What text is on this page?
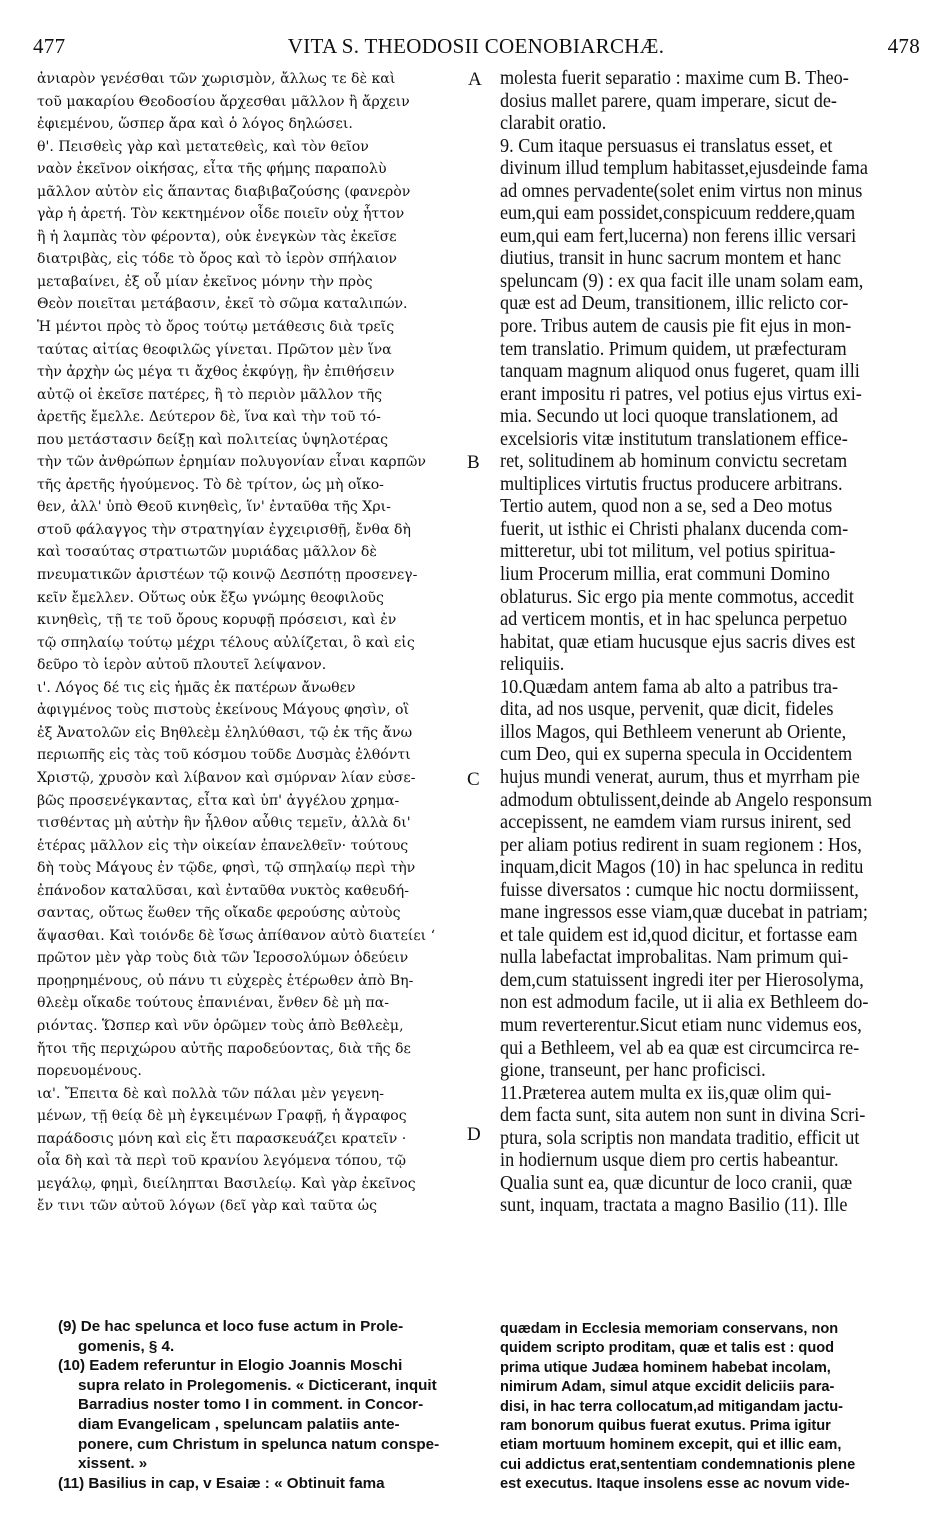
477	VITA S. THEODOSII COENOBIARCHÆ.	478
ἀνιαρὸν γενέσθαι τῶν χωρισμὸν, ἄλλως τε δὲ καὶ
τοῦ μακαρίου Θεοδοσίου ἄρχεσθαι μᾶλλον ἢ ἄρχειν
ἐφιεμένου, ὥσπερ ἄρα καὶ ὁ λόγος δηλώσει.
θ'. Πεισθεὶς γὰρ καὶ μετατεθεὶς, καὶ τὸν θεῖον
ναὸν ἐκεῖνον οἰκήσας, εἶτα τῆς φήμης παραπολὺ
μᾶλλον αὐτὸν εἰς ἅπαντας διαβιβαζούσης (φανερὸν
γὰρ ἡ ἀρετή. Τὸν κεκτημένον οἶδε ποιεῖν οὐχ ἧττον
ἢ ἡ λαμπὰς τὸν φέροντα), οὐκ ἐνεγκὼν τὰς ἐκεῖσε
διατριβὰς, εἰς τόδε τὸ ὄρος καὶ τὸ ἱερὸν σπήλαιον
μεταβαίνει, ἐξ οὗ μίαν ἐκεῖνος μόνην τὴν πρὸς
Θεὸν ποιεῖται μετάβασιν, ἐκεῖ τὸ σῶμα καταλιπών.
Ἡ μέντοι πρὸς τὸ ὄρος τούτῳ μετάθεσις διὰ τρεῖς
ταύτας αἰτίας θεοφιλῶς γίνεται. Πρῶτον μὲν ἵνα
τὴν ἀρχὴν ὡς μέγα τι ἄχθος ἐκφύγῃ, ἣν ἐπιθήσειν
αὐτῷ οἱ ἐκεῖσε πατέρες, ἢ τὸ περιὸν μᾶλλον τῆς
ἀρετῆς ἔμελλε. Δεύτερον δὲ, ἵνα καὶ τὴν τοῦ τό-
που μετάστασιν δείξῃ καὶ πολιτείας ὑψηλοτέρας
τὴν τῶν ἀνθρώπων ἐρημίαν πολυγονίαν εἶναι καρπῶν
τῆς ἀρετῆς ἡγούμενος. Τὸ δὲ τρίτον, ὡς μὴ οἴκο-
θεν, ἀλλ' ὑπὸ Θεοῦ κινηθεὶς, ἵν' ἐνταῦθα τῆς Χρι-
στοῦ φάλαγγος τὴν στρατηγίαν ἐγχειρισθῇ, ἔνθα δὴ
καὶ τοσαύτας στρατιωτῶν μυριάδας μᾶλλον δὲ
πνευματικῶν ἀριστέων τῷ κοινῷ Δεσπότῃ προσενεγ-
κεῖν ἔμελλεν. Οὕτως οὐκ ἔξω γνώμης θεοφιλοῦς
κινηθεὶς, τῇ τε τοῦ ὄρους κορυφῇ πρόσεισι, καὶ ἐν
τῷ σπηλαίῳ τούτῳ μέχρι τέλους αὐλίζεται, ὃ καὶ εἰς
δεῦρο τὸ ἱερὸν αὐτοῦ πλουτεῖ λείψανον.
ι'. Λόγος δέ τις εἰς ἡμᾶς ἐκ πατέρων ἄνωθεν
ἀφιγμένος τοὺς πιστοὺς ἐκείνους Μάγους φησὶν, οἳ
ἐξ Ἀνατολῶν εἰς Βηθλεὲμ ἐληλύθασι, τῷ ἐκ τῆς ἄνω
περιωπῆς εἰς τὰς τοῦ κόσμου τοῦδε Δυσμὰς ἐλθόντι
Χριστῷ, χρυσὸν καὶ λίβανον καὶ σμύρναν λίαν εὐσε-
βῶς προσενέγκαντας, εἶτα καὶ ὑπ' ἀγγέλου χρημα-
τισθέντας μὴ αὐτὴν ἣν ἦλθον αὖθις τεμεῖν, ἀλλὰ δι'
ἑτέρας μᾶλλον εἰς τὴν οἰκείαν ἐπανελθεῖν· τούτους
δὴ τοὺς Μάγους ἐν τῷδε, φησὶ, τῷ σπηλαίῳ περὶ τὴν
ἐπάνοδον καταλῦσαι, καὶ ἐνταῦθα νυκτὸς καθευδή-
σαντας, οὕτως ἕωθεν τῆς οἴκαδε φερούσης αὐτοὺς
ἅψασθαι. Καὶ τοιόνδε δὲ ἴσως ἀπίθανον αὐτὸ διατείει ‘
πρῶτον μὲν γὰρ τοὺς διὰ τῶν Ἱεροσολύμων ὁδεύειν
προῃρημένους, οὐ πάνυ τι εὐχερὲς ἑτέρωθεν ἀπὸ Βη-
θλεὲμ οἴκαδε τούτους ἐπανιέναι, ἔνθεν δὲ μὴ πα-
ριόντας. Ὥσπερ καὶ νῦν ὁρῶμεν τοὺς ἀπὸ Βεθλεὲμ,
ἤτοι τῆς περιχώρου αὐτῆς παροδεύοντας, διὰ τῆς δε
πορευομένους.
ια'. Ἔπειτα δὲ καὶ πολλὰ τῶν πάλαι μὲν γεγενη-
μένων, τῇ θείᾳ δὲ μὴ ἐγκειμένων Γραφῇ, ἡ ἄγραφος
παράδοσις μόνη καὶ εἰς ἔτι παρασκευάζει κρατεῖν ·
οἷα δὴ καὶ τὰ περὶ τοῦ κρανίου λεγόμενα τόπου, τῷ
μεγάλῳ, φημὶ, διείληπται Βασιλείῳ. Καὶ γὰρ ἐκεῖνος
ἔν τινι τῶν αὐτοῦ λόγων (δεῖ γὰρ καὶ ταῦτα ὡς
molesta fuerit separatio : maxime cum B. Theo-
dosius mallet parere, quam imperare, sicut de-
clarabit oratio.
9. Cum itaque persuasus ei translatus esset, et
divinum illud templum habitasset,ejusdeinde fama
ad omnes pervadente(solet enim virtus non minus
eum,qui eam possidet,conspicuum reddere,quam
eum,qui eam fert,lucerna) non ferens illic versari
diutius, transit in hunc sacrum montem et hanc
speluncam (9) : ex qua facit ille unam solam eam,
quæ est ad Deum, transitionem, illic relicto cor-
pore. Tribus autem de causis pie fit ejus in mon-
tem translatio. Primum quidem, ut præfecturam
tanquam magnum aliquod onus fugeret, quam illi
erant impositu ri patres, vel potius ejus virtus exi-
mia. Secundo ut loci quoque translationem, ad
excelsioris vitæ institutum translationem effice-
ret, solitudinem ab hominum convictu secretam
multiplices virtutis fructus producere arbitrans.
Tertio autem, quod non a se, sed a Deo motus
fuerit, ut isthic ei Christi phalanx ducenda com-
mitteretur, ubi tot militum, vel potius spiritua-
lium Procerum millia, erat communi Domino
oblaturus. Sic ergo pia mente commotus, accedit
ad verticem montis, et in hac spelunca perpetuo
habitat, quæ etiam hucusque ejus sacris dives est
reliquiis.
10.Quædam antem fama ab alto a patribus tra-
dita, ad nos usque, pervenit, quæ dicit, fideles
illos Magos, qui Bethleem venerunt ab Oriente,
cum Deo, qui ex superna specula in Occidentem
hujus mundi venerat, aurum, thus et myrrham pie
admodum obtulissent,deinde ab Angelo responsum
accepissent, ne eamdem viam rursus inirent, sed
per aliam potius redirent in suam regionem : Hos,
inquam,dicit Magos (10) in hac spelunca in reditu
fuisse diversatos : cumque hic noctu dormiissent,
mane ingressos esse viam,quæ ducebat in patriam;
et tale quidem est id,quod dicitur, et fortasse eam
nulla labefactat improbalitas. Nam primum qui-
dem,cum statuissent ingredi iter per Hierosolyma,
non est admodum facile, ut ii alia ex Bethleem do-
mum reverterentur.Sicut etiam nunc videmus eos,
qui a Bethleem, vel ab ea quæ est circumcirca re-
gione, transeunt, per hanc proficisci.
11.Præterea autem multa ex iis,quæ olim qui-
dem facta sunt, sita autem non sunt in divina Scri-
ptura, sola scriptis non mandata traditio, efficit ut
in hodiernum usque diem pro certis habeantur.
Qualia sunt ea, quæ dicuntur de loco cranii, quæ
sunt, inquam, tractata a magno Basilio (11). Ille
A
B
C
D
(9) De hac spelunca et loco fuse actum in Prole-
gomenis, § 4.
(10) Eadem referuntur in Elogio Joannis Moschi
supra relato in Prolegomenis. « Dicticerant, inquit
Barradius noster tomo I in comment. in Concor-
diam Evangelicam , speluncam palatiis ante-
ponere, cum Christum in spelunca natum conspe-
xissent. »
(11) Basilius in cap, v Esaiæ : « Obtinuit fama
quædam in Ecclesia memoriam conservans, non
quidem scripto proditam, quæ et talis est : quod
prima utique Judæa hominem habebat incolam,
nimirum Adam, simul atque excidit deliciis para-
disi, in hac terra collocatum,ad mitigandam jactu-
ram bonorum quibus fuerat exutus. Prima igitur
etiam mortuum hominem excepit, qui et illic eam,
cui addictus erat,sententiam condemnationis plene
est executus. Itaque insolens esse ac novum vide-
